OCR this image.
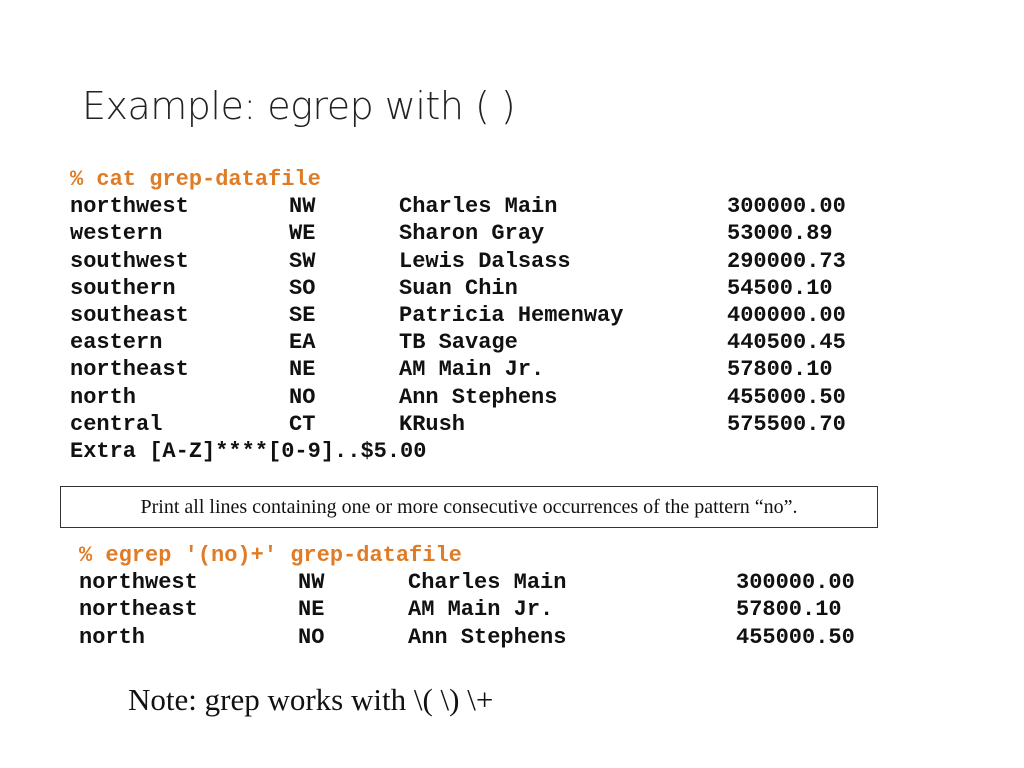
Example: egrep with ( )
% cat grep-datafile
northwest	NW	Charles Main	300000.00
western	WE	Sharon Gray	53000.89
southwest	SW	Lewis Dalsass	290000.73
southern	SO	Suan Chin	54500.10
southeast	SE	Patricia Hemenway	400000.00
eastern	EA	TB Savage	440500.45
northeast	NE	AM Main Jr.	57800.10
north	NO	Ann Stephens	455000.50
central	CT	KRush	575500.70
Extra [A-Z]****[0-9]..$5.00
Print all lines containing one or more consecutive occurrences of the pattern “no”.
% egrep '(no)+' grep-datafile
northwest	NW	Charles Main	300000.00
northeast	NE	AM Main Jr.	57800.10
north	NO	Ann Stephens	455000.50
Note: grep works with \( \) \+
